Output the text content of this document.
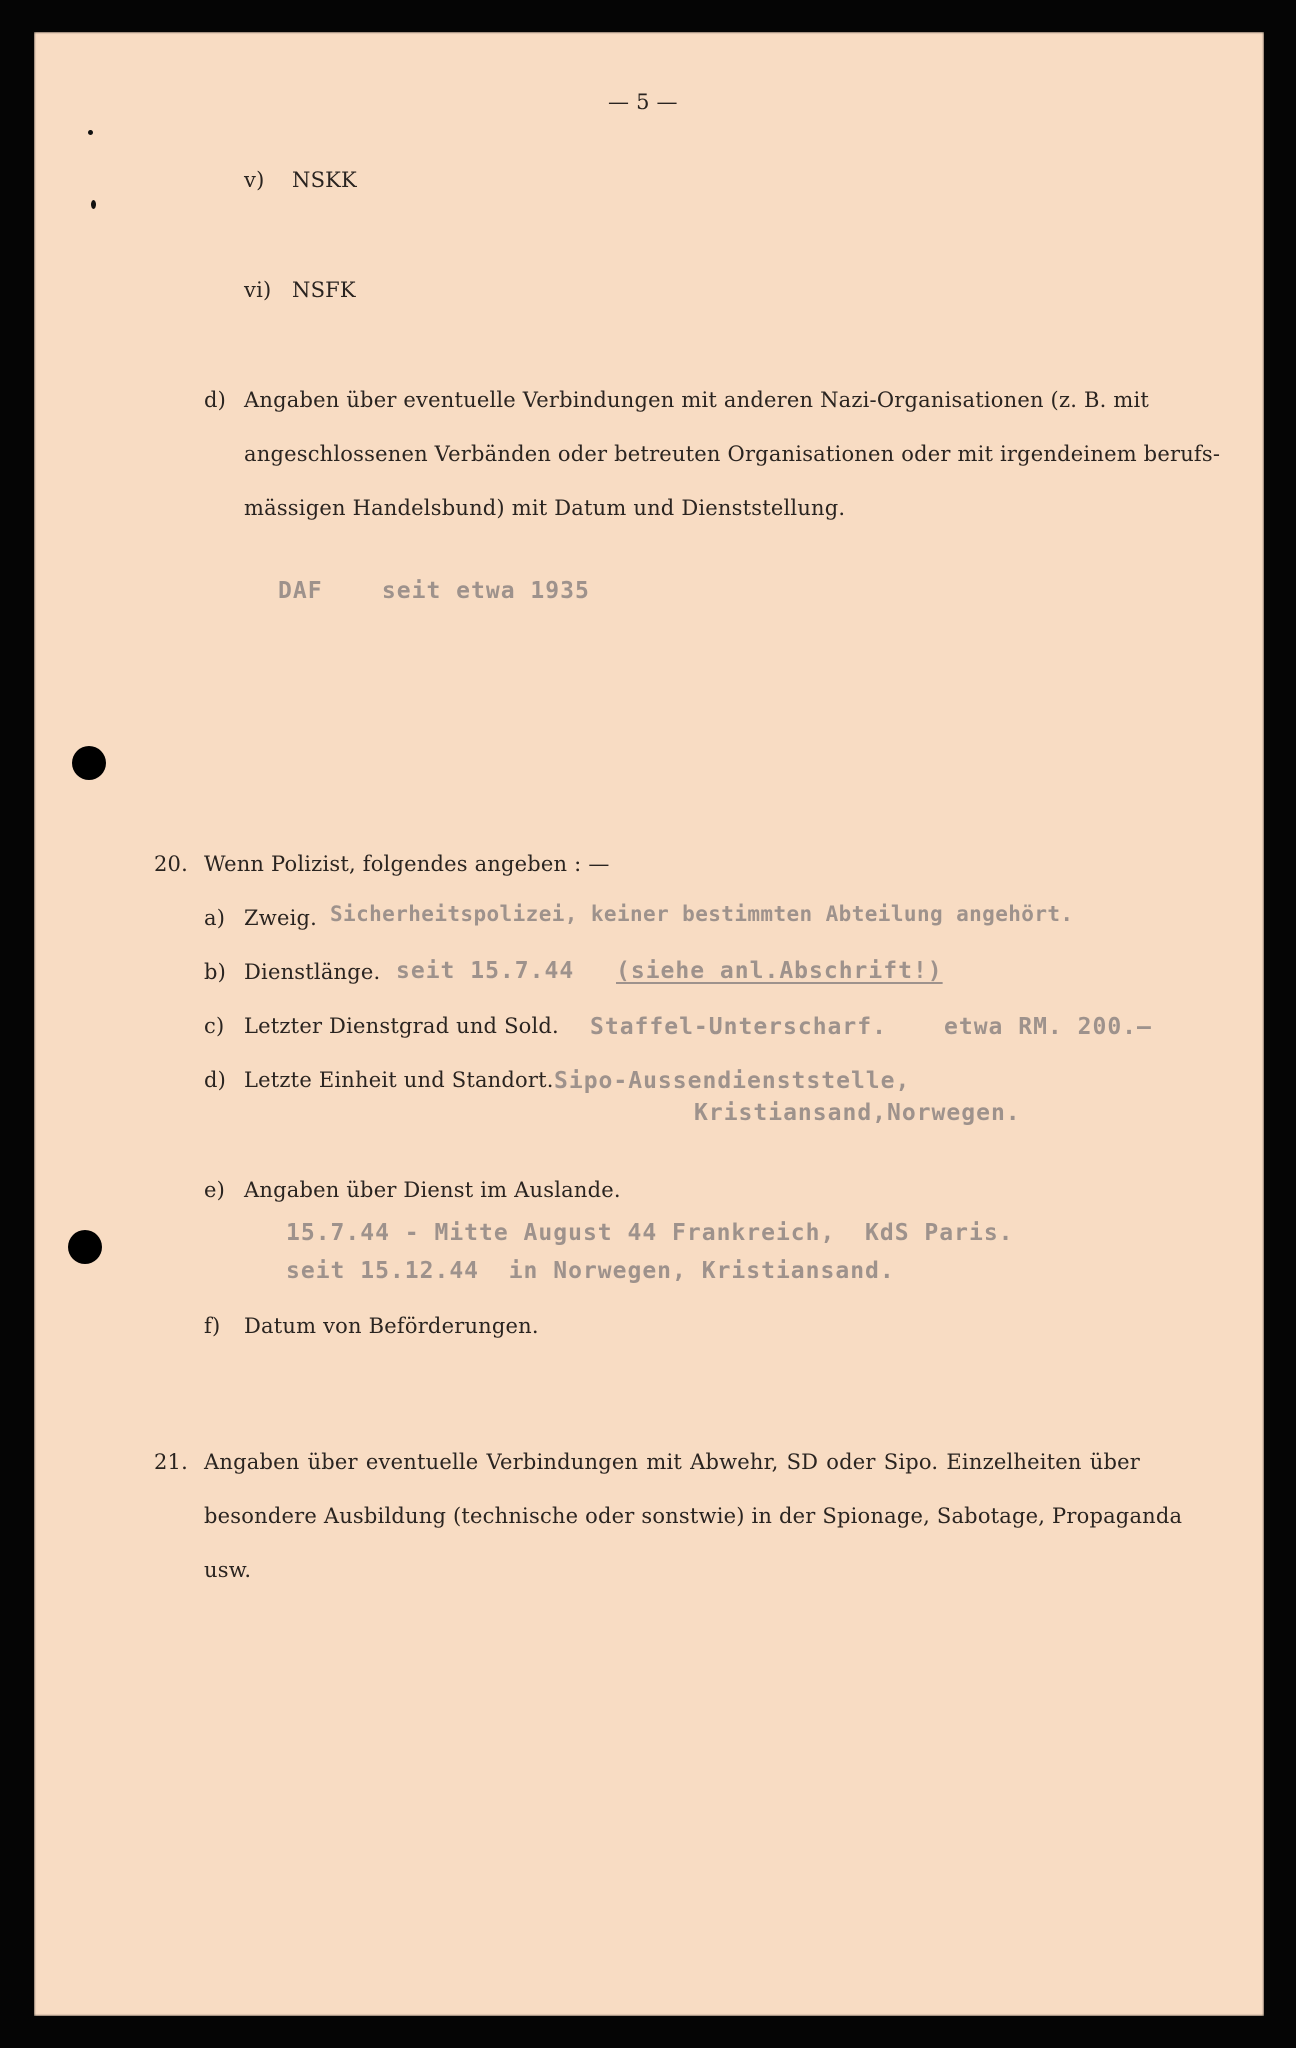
— 5 —
v) NSKK
vi) NSFK
d) Angaben über eventuelle Verbindungen mit anderen Nazi-Organisationen (z. B. mit
angeschlossenen Verbänden oder betreuten Organisationen oder mit irgendeinem berufs-
mässigen Handelsbund) mit Datum und Dienststellung.
DAF    seit etwa 1935
20. Wenn Polizist, folgendes angeben : —
a) Zweig. Sicherheitspolizei, keiner bestimmten Abteilung angehört.
b) Dienstlänge. seit 15.7.44 (siehe anl.Abschrift!)
c) Letzter Dienstgrad und Sold. Staffel-Unterscharf. etwa RM. 200.—
d) Letzte Einheit und Standort. Sipo-Aussendienststelle,
Kristiansand,Norwegen.
e) Angaben über Dienst im Auslande.
15.7.44 - Mitte August 44 Frankreich,  KdS Paris.
seit 15.12.44  in Norwegen, Kristiansand.
f) Datum von Beförderungen.
21. Angaben über eventuelle Verbindungen mit Abwehr, SD oder Sipo. Einzelheiten über
besondere Ausbildung (technische oder sonstwie) in der Spionage, Sabotage, Propaganda
usw.
